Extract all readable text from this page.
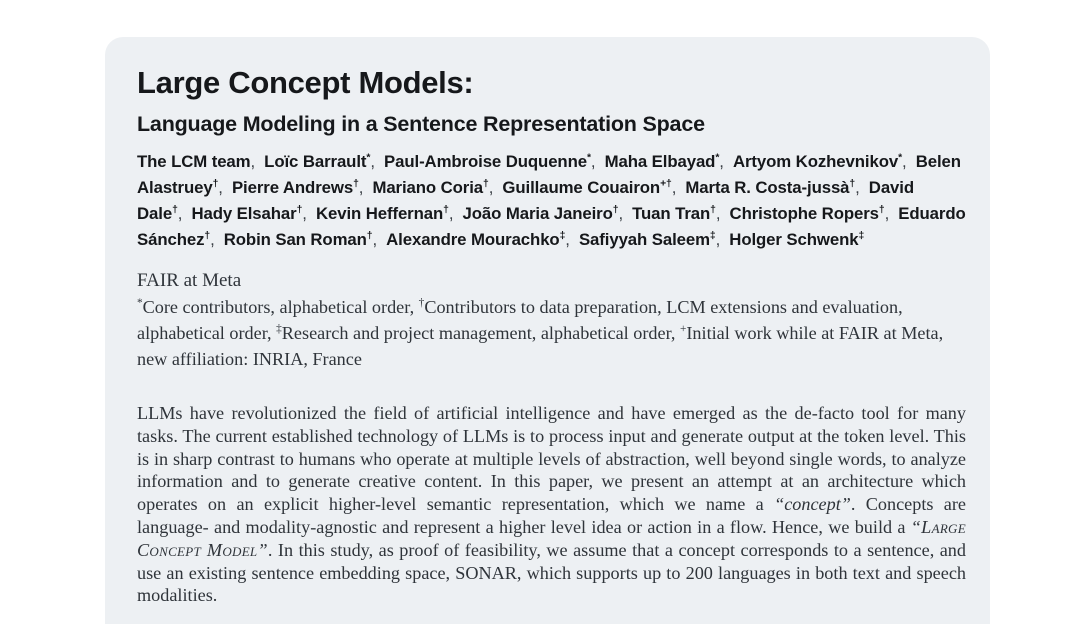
Large Concept Models:
Language Modeling in a Sentence Representation Space

The LCM team,  Loïc Barrault*,  Paul-Ambroise Duquenne*,  Maha Elbayad*,  Artyom Kozhevnikov*,  Belen Alastruey†,  Pierre Andrews†,  Mariano Coria†,  Guillaume Couairon+†,  Marta R. Costa-jussà†,  David Dale†,  Hady Elsahar†,  Kevin Heffernan†,  João Maria Janeiro†,  Tuan Tran†,  Christophe Ropers†,  Eduardo Sánchez†,  Robin San Roman†,  Alexandre Mourachko‡,  Safiyyah Saleem‡,  Holger Schwenk‡

FAIR at Meta

*Core contributors, alphabetical order, †Contributors to data preparation, LCM extensions and evaluation, alphabetical order, ‡Research and project management, alphabetical order, +Initial work while at FAIR at Meta, new affiliation: INRIA, France

LLMs have revolutionized the field of artificial intelligence and have emerged as the de-facto tool for many tasks. The current established technology of LLMs is to process input and generate output at the token level. This is in sharp contrast to humans who operate at multiple levels of abstraction, well beyond single words, to analyze information and to generate creative content. In this paper, we present an attempt at an architecture which operates on an explicit higher-level semantic representation, which we name a “concept”. Concepts are language- and modality-agnostic and represent a higher level idea or action in a flow. Hence, we build a “Large Concept Model”. In this study, as proof of feasibility, we assume that a concept corresponds to a sentence, and use an existing sentence embedding space, SONAR, which supports up to 200 languages in both text and speech modalities.
